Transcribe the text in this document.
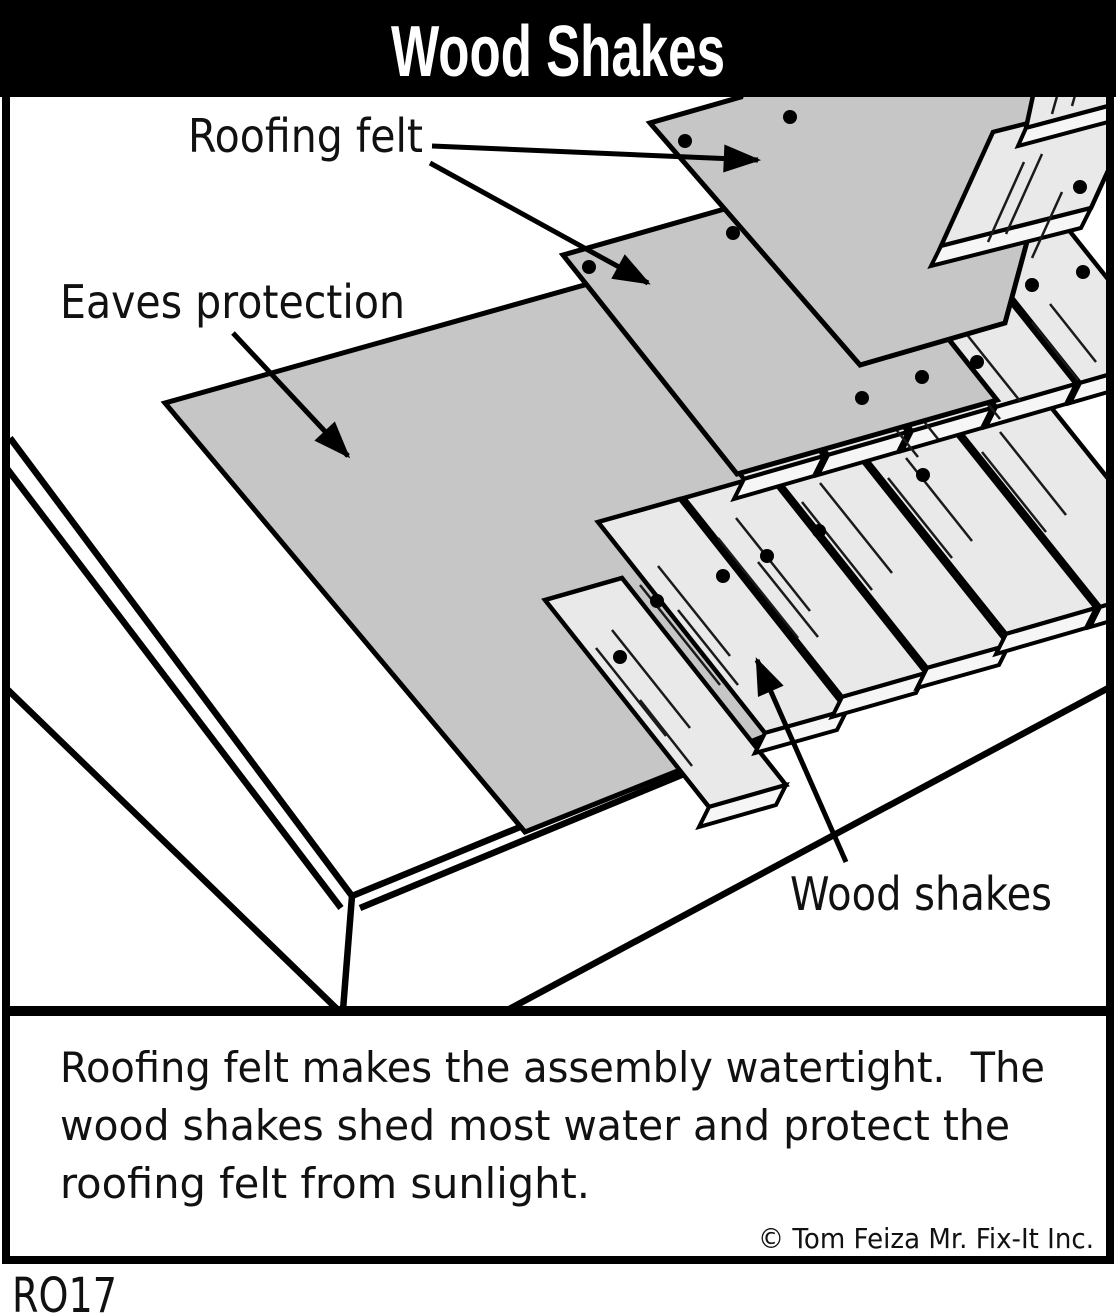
Wood Shakes
Roofing felt
Eaves protection
Wood shakes
Roofing felt makes the assembly watertight.  The
wood shakes shed most water and protect the
roofing felt from sunlight.
© Tom Feiza Mr. Fix-It Inc.
RO17
